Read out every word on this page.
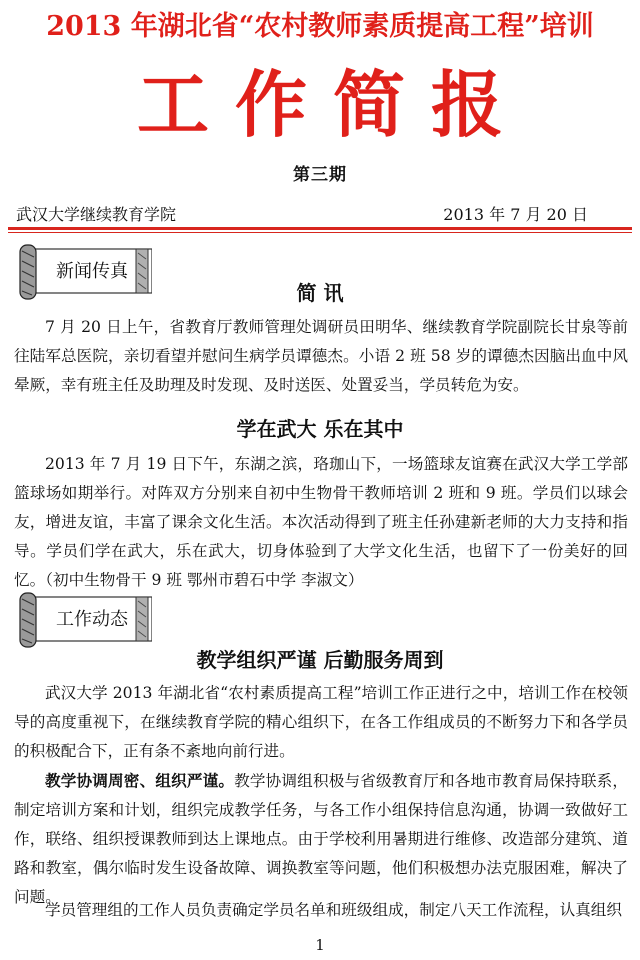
2013 年湖北省“农村教师素质提高工程”培训
工作简报
第三期
武汉大学继续教育学院	2013 年 7 月 20 日
新闻传真
简 讯

7 月 20 日上午，省教育厅教师管理处调研员田明华、继续教育学院副院长甘泉等前往陆军总医院，亲切看望并慰问生病学员谭德杰。小语 2 班 58 岁的谭德杰因脑出血中风晕厥，幸有班主任及助理及时发现、及时送医、处置妥当，学员转危为安。

学在武大 乐在其中

2013 年 7 月 19 日下午，东湖之滨，珞珈山下，一场篮球友谊赛在武汉大学工学部篮球场如期举行。对阵双方分别来自初中生物骨干教师培训 2 班和 9 班。学员们以球会友，增进友谊，丰富了课余文化生活。本次活动得到了班主任孙建新老师的大力支持和指导。学员们学在武大，乐在武大，切身体验到了大学文化生活，也留下了一份美好的回忆。（初中生物骨干 9 班 鄂州市碧石中学 李淑文）

工作动态
教学组织严谨 后勤服务周到

武汉大学 2013 年湖北省“农村素质提高工程”培训工作正进行之中，培训工作在校领导的高度重视下，在继续教育学院的精心组织下，在各工作组成员的不断努力下和各学员的积极配合下，正有条不紊地向前行进。

教学协调周密、组织严谨。教学协调组积极与省级教育厅和各地市教育局保持联系，制定培训方案和计划，组织完成教学任务，与各工作小组保持信息沟通，协调一致做好工作，联络、组织授课教师到达上课地点。由于学校利用暑期进行维修、改造部分建筑、道路和教室，偶尔临时发生设备故障、调换教室等问题，他们积极想办法克服困难，解决了问题。

学员管理组的工作人员负责确定学员名单和班级组成，制定八天工作流程，认真组织

1
